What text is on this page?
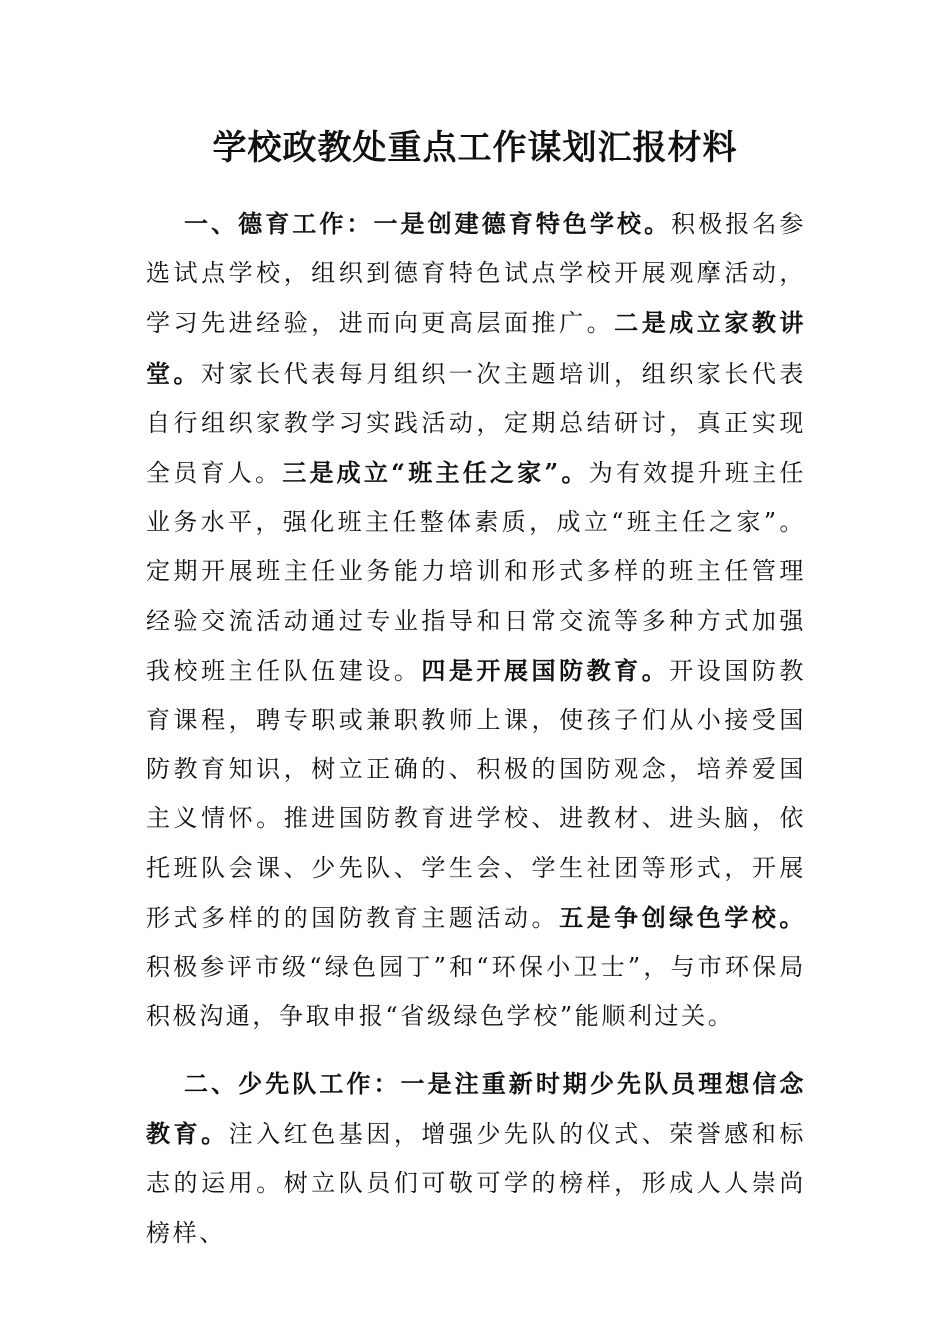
学校政教处重点工作谋划汇报材料
一、德育工作：一是创建德育特色学校。积极报名参选试点学校，组织到德育特色试点学校开展观摩活动，学习先进经验，进而向更高层面推广。二是成立家教讲堂。对家长代表每月组织一次主题培训，组织家长代表自行组织家教学习实践活动，定期总结研讨，真正实现全员育人。三是成立“班主任之家”。为有效提升班主任业务水平，强化班主任整体素质，成立“班主任之家”。定期开展班主任业务能力培训和形式多样的班主任管理经验交流活动通过专业指导和日常交流等多种方式加强我校班主任队伍建设。四是开展国防教育。开设国防教育课程，聘专职或兼职教师上课，使孩子们从小接受国防教育知识，树立正确的、积极的国防观念，培养爱国主义情怀。推进国防教育进学校、进教材、进头脑，依托班队会课、少先队、学生会、学生社团等形式，开展形式多样的的国防教育主题活动。五是争创绿色学校。积极参评市级“绿色园丁”和“环保小卫士”，与市环保局积极沟通，争取申报“省级绿色学校”能顺利过关。
二、少先队工作：一是注重新时期少先队员理想信念教育。注入红色基因，增强少先队的仪式、荣誉感和标志的运用。树立队员们可敬可学的榜样，形成人人崇尚榜样、
